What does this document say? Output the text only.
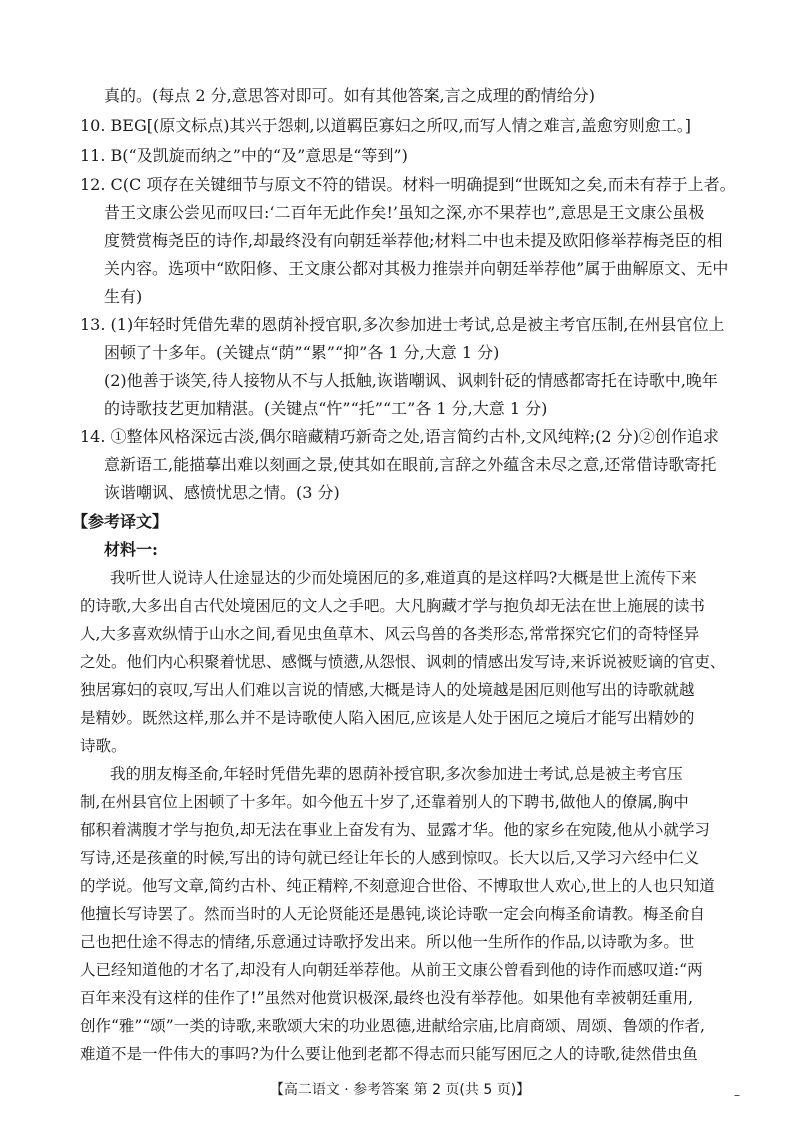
真的。(每点 2 分,意思答对即可。如有其他答案,言之成理的酌情给分)
10. BEG[(原文标点)其兴于怨刺,以道羁臣寡妇之所叹,而写人情之难言,盖愈穷则愈工。]
11. B(“及凯旋而纳之”中的“及”意思是“等到”)
12. C(C 项存在关键细节与原文不符的错误。材料一明确提到“世既知之矣,而未有荐于上者。
昔王文康公尝见而叹曰:‘二百年无此作矣!’虽知之深,亦不果荐也”,意思是王文康公虽极
度赞赏梅尧臣的诗作,却最终没有向朝廷举荐他;材料二中也未提及欧阳修举荐梅尧臣的相
关内容。选项中“欧阳修、王文康公都对其极力推崇并向朝廷举荐他”属于曲解原文、无中
生有)
13. (1)年轻时凭借先辈的恩荫补授官职,多次参加进士考试,总是被主考官压制,在州县官位上
困顿了十多年。(关键点“荫”“累”“抑”各 1 分,大意 1 分)
(2)他善于谈笑,待人接物从不与人抵触,诙谐嘲讽、讽刺针砭的情感都寄托在诗歌中,晚年
的诗歌技艺更加精湛。(关键点“忤”“托”“工”各 1 分,大意 1 分)
14. ①整体风格深远古淡,偶尔暗藏精巧新奇之处,语言简约古朴,文风纯粹;(2 分)②创作追求
意新语工,能描摹出难以刻画之景,使其如在眼前,言辞之外蕴含未尽之意,还常借诗歌寄托
诙谐嘲讽、感愤忧思之情。(3 分)
【参考译文】
材料一:
我听世人说诗人仕途显达的少而处境困厄的多,难道真的是这样吗?大概是世上流传下来
的诗歌,大多出自古代处境困厄的文人之手吧。大凡胸藏才学与抱负却无法在世上施展的读书
人,大多喜欢纵情于山水之间,看见虫鱼草木、风云鸟兽的各类形态,常常探究它们的奇特怪异
之处。他们内心积聚着忧思、感慨与愤懑,从怨恨、讽刺的情感出发写诗,来诉说被贬谪的官吏、
独居寡妇的哀叹,写出人们难以言说的情感,大概是诗人的处境越是困厄则他写出的诗歌就越
是精妙。既然这样,那么并不是诗歌使人陷入困厄,应该是人处于困厄之境后才能写出精妙的
诗歌。
我的朋友梅圣俞,年轻时凭借先辈的恩荫补授官职,多次参加进士考试,总是被主考官压
制,在州县官位上困顿了十多年。如今他五十岁了,还靠着别人的下聘书,做他人的僚属,胸中
郁积着满腹才学与抱负,却无法在事业上奋发有为、显露才华。他的家乡在宛陵,他从小就学习
写诗,还是孩童的时候,写出的诗句就已经让年长的人感到惊叹。长大以后,又学习六经中仁义
的学说。他写文章,简约古朴、纯正精粹,不刻意迎合世俗、不博取世人欢心,世上的人也只知道
他擅长写诗罢了。然而当时的人无论贤能还是愚钝,谈论诗歌一定会向梅圣俞请教。梅圣俞自
己也把仕途不得志的情绪,乐意通过诗歌抒发出来。所以他一生所作的作品,以诗歌为多。世
人已经知道他的才名了,却没有人向朝廷举荐他。从前王文康公曾看到他的诗作而感叹道:“两
百年来没有这样的佳作了!”虽然对他赏识极深,最终也没有举荐他。如果他有幸被朝廷重用,
创作“雅”“颂”一类的诗歌,来歌颂大宋的功业恩德,进献给宗庙,比肩商颂、周颂、鲁颂的作者,
难道不是一件伟大的事吗?为什么要让他到老都不得志而只能写困厄之人的诗歌,徒然借虫鱼
【高二语文 · 参考答案 第 2 页(共 5 页)】	–
